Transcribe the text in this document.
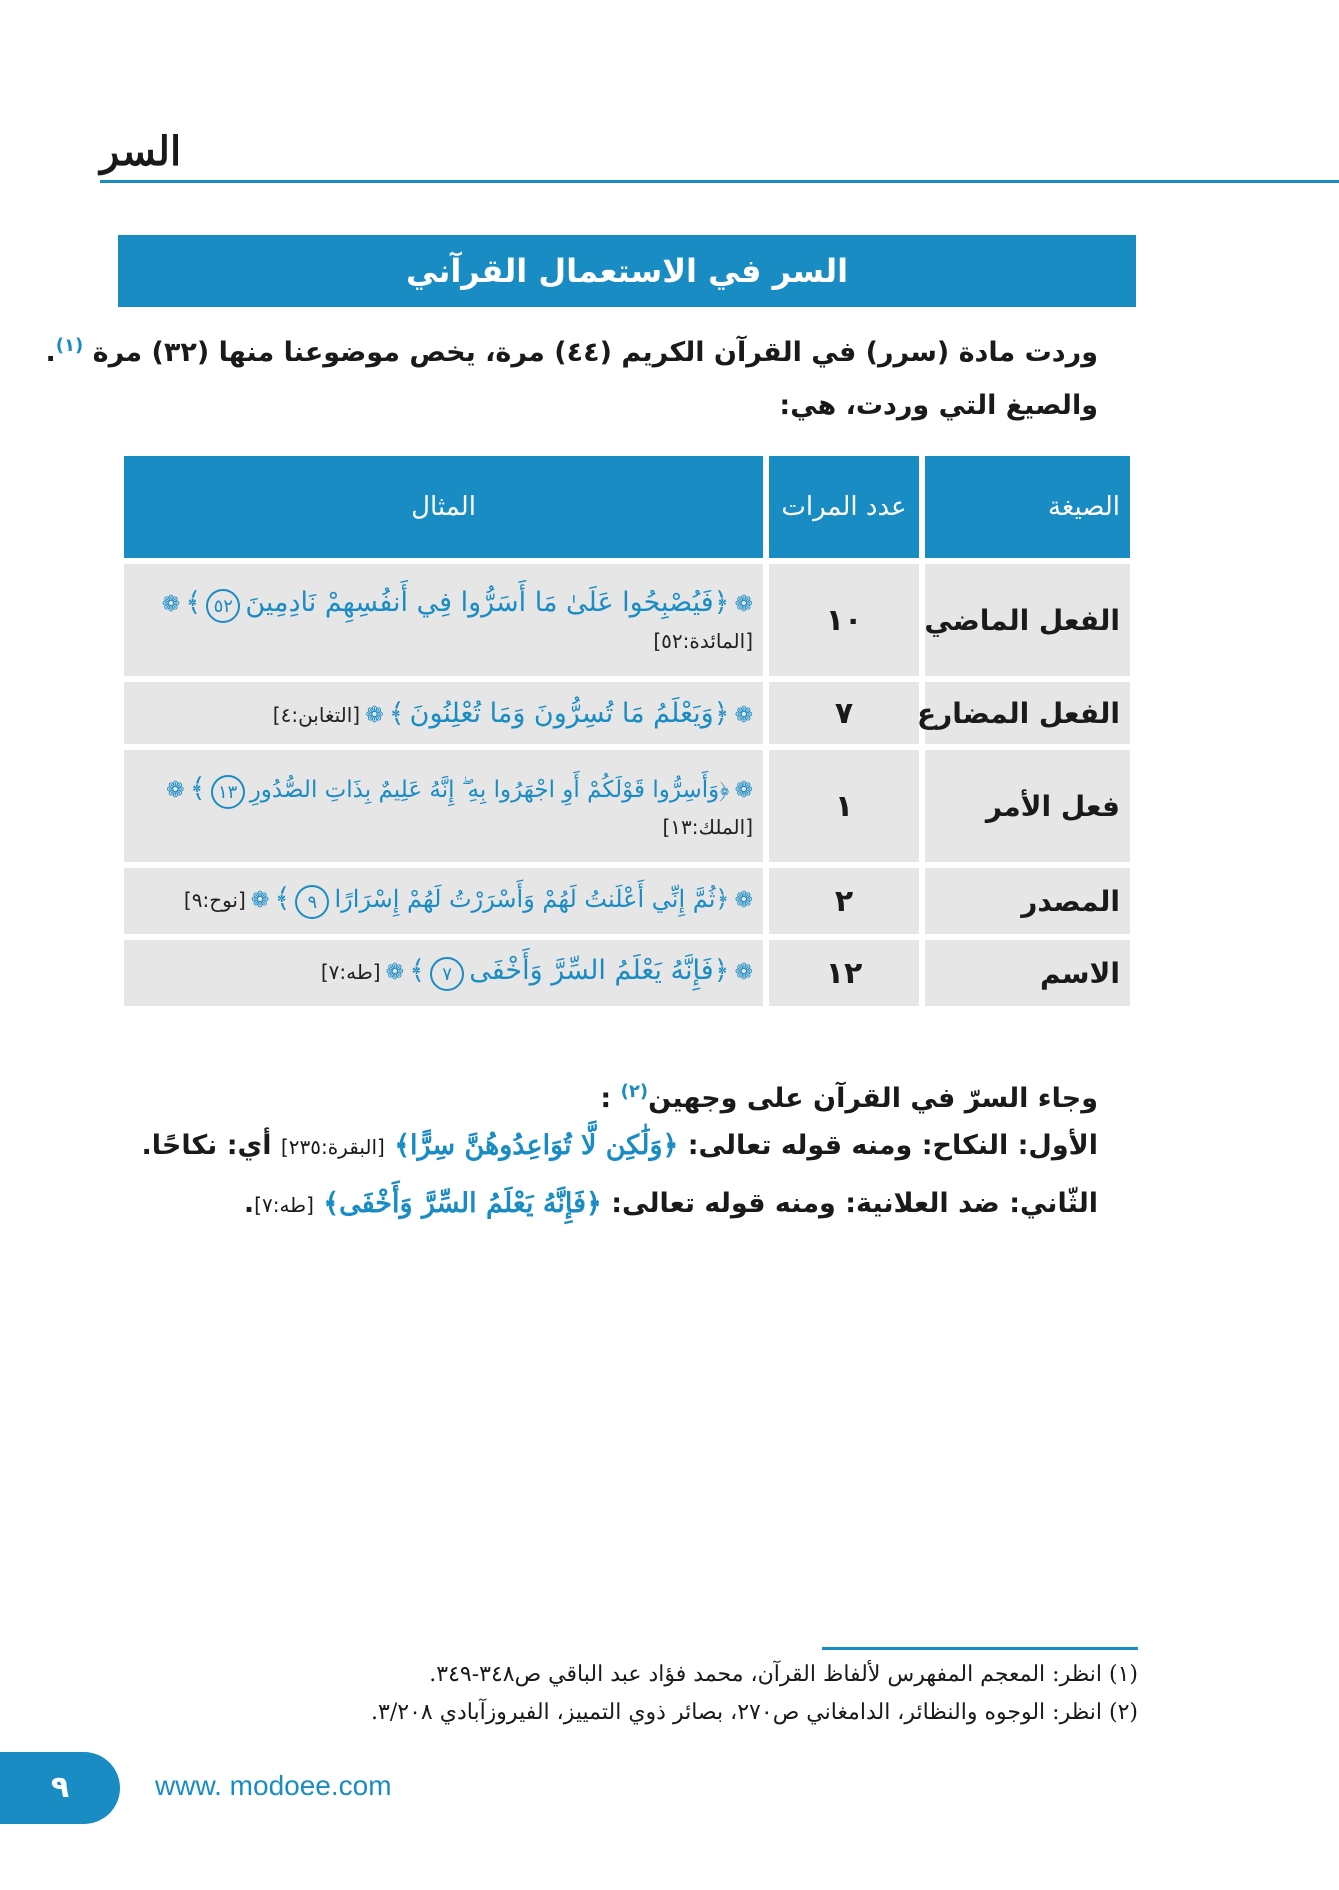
السر
السر في الاستعمال القرآني
وردت مادة (سرر) في القرآن الكريم (٤٤) مرة، يخص موضوعنا منها (٣٢) مرة $^{(١)}$.
والصيغ التي وردت، هي:
الصيغة	عدد المرات	المثال
الفعل الماضي	١٠	❁ ﴿فَيُصْبِحُوا عَلَىٰ مَا أَسَرُّوا فِي أَنفُسِهِمْ نَادِمِينَ ٥٢ ﴾ ❁
[المائدة:٥٢]

الفعل المضارع	٧	❁ ﴿وَيَعْلَمُ مَا تُسِرُّونَ وَمَا تُعْلِنُونَ ﴾ ❁ [التغابن:٤]
فعل الأمر	١	❁ ﴿وَأَسِرُّوا قَوْلَكُمْ أَوِ اجْهَرُوا بِهِ ۖ إِنَّهُ عَلِيمٌ بِذَاتِ الصُّدُورِ ١٣ ﴾ ❁
[الملك:١٣]

المصدر	٢	❁ ﴿ثُمَّ إِنِّي أَعْلَنتُ لَهُمْ وَأَسْرَرْتُ لَهُمْ إِسْرَارًا ٩ ﴾ ❁ [نوح:٩]
الاسم	١٢	❁ ﴿فَإِنَّهُ يَعْلَمُ السِّرَّ وَأَخْفَى ٧ ﴾ ❁ [طه:٧]
وجاء السرّ في القرآن على وجهين$^{(٢)}$ :
الأول: النكاح: ومنه قوله تعالى: ﴿وَلَٰكِن لَّا تُوَاعِدُوهُنَّ سِرًّا﴾ [البقرة:٢٣٥] أي: نكاحًا.
الثّاني: ضد العلانية: ومنه قوله تعالى: ﴿فَإِنَّهُ يَعْلَمُ السِّرَّ وَأَخْفَى﴾ [طه:٧].
(١) انظر: المعجم المفهرس لألفاظ القرآن، محمد فؤاد عبد الباقي ص٣٤٨-٣٤٩.
(٢) انظر: الوجوه والنظائر، الدامغاني ص٢٧٠، بصائر ذوي التمييز، الفيروزآبادي ٣/٢٠٨.
٩	www. modoee.com
